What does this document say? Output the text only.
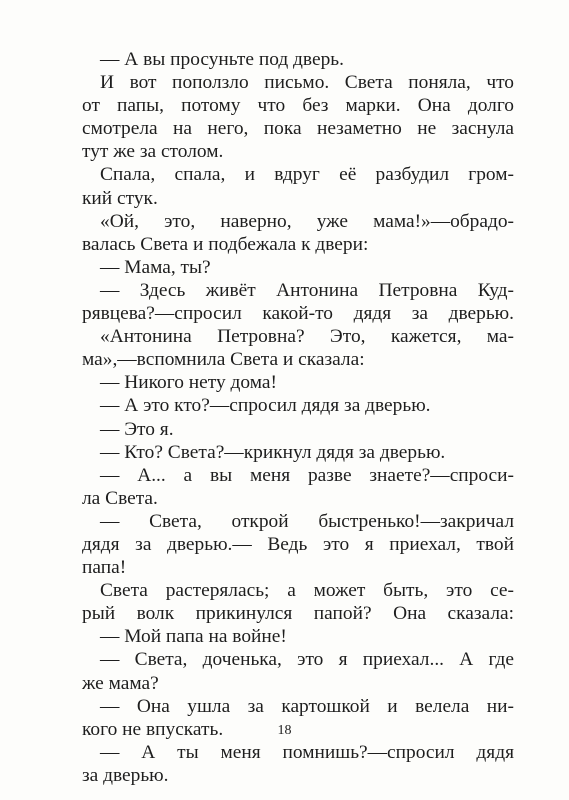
— А вы просуньте под дверь.
И вот поползло письмо. Света поняла, что
от папы, потому что без марки. Она долго
смотрела на него, пока незаметно не заснула
тут же за столом.
Спала, спала, и вдруг её разбудил гром-
кий стук.
«Ой, это, наверно, уже мама!»—обрадо-
валась Света и подбежала к двери:
— Мама, ты?
— Здесь живёт Антонина Петровна Куд-
рявцева?—спросил какой-то дядя за дверью.
«Антонина Петровна? Это, кажется, ма-
ма»,—вспомнила Света и сказала:
— Никого нету дома!
— А это кто?—спросил дядя за дверью.
— Это я.
— Кто? Света?—крикнул дядя за дверью.
— А... а вы меня разве знаете?—спроси-
ла Света.
— Света, открой быстренько!—закричал
дядя за дверью.— Ведь это я приехал, твой
папа!
Света растерялась; а может быть, это се-
рый волк прикинулся папой? Она сказала:
— Мой папа на войне!
— Света, доченька, это я приехал... А где
же мама?
— Она ушла за картошкой и велела ни-
кого не впускать.
— А ты меня помнишь?—спросил дядя
за дверью.
18
